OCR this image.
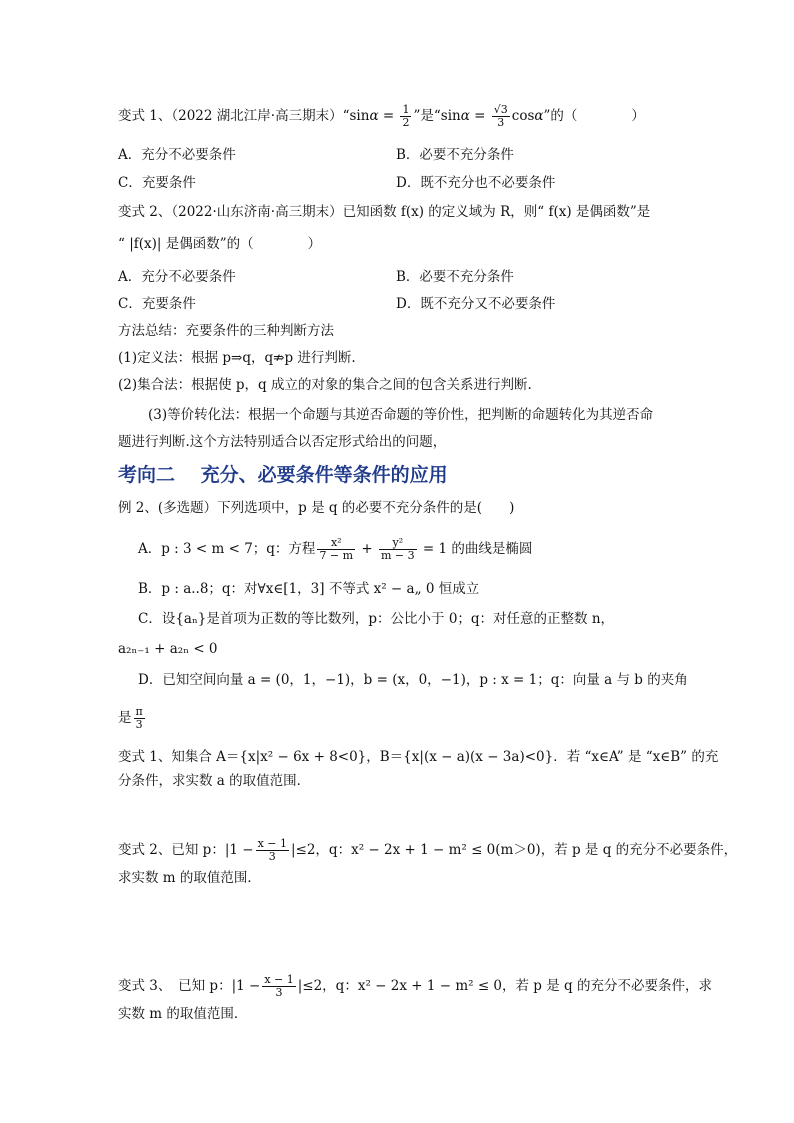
变式 1、（2022 湖北江岸·高三期末）“sinα = $\frac{1}{2}$ ”是“$\sin\alpha = \frac{√3}{3} \cos\alpha$”的（　　　　）
A．充分不必要条件	B．必要不充分条件
C．充要条件	D．既不充分也不必要条件
变式 2、（2022·山东济南·高三期末）已知函数 f(x) 的定义域为 R，则“ f(x) 是偶函数”是
“ |f(x)| 是偶函数”的（　　　　）
A．充分不必要条件	B．必要不充分条件
C．充要条件	D．既不充分又不必要条件
方法总结：充要条件的三种判断方法
(1)定义法：根据 p⇒q，q⇏p 进行判断.
(2)集合法：根据使 p，q 成立的对象的集合之间的包含关系进行判断.
(3)等价转化法：根据一个命题与其逆否命题的等价性，把判断的命题转化为其逆否命
题进行判断.这个方法特别适合以否定形式给出的问题，
考向二　 充分、必要条件等条件的应用
例 2、(多选题）下列选项中，p 是 q 的必要不充分条件的是(　　)
A．p : 3 < m < 7；q：方程 $\frac{\text{x²}}{7 - m} + \frac{\text{y²}}{m - 3} = 1$ 的曲线是椭圆
B．p : a..8；q：对∀x∈[1，3] 不等式 x² − a„ 0 恒成立
C．设{aₙ}是首项为正数的等比数列，p：公比小于 0；q：对任意的正整数 n，
a₂ₙ₋₁ + a₂ₙ < 0
D．已知空间向量 a = (0，1，−1)，b = (x，0，−1)，p : x = 1；q：向量 a 与 b 的夹角
是 $\frac{\pi}{3}$
变式 1、知集合 A＝{x|x² − 6x + 8<0}，B＝{x|(x − a)(x − 3a)<0}．若 “x∈A” 是 “x∈B” 的充
分条件，求实数 a 的取值范围．
变式 2、已知 p：$|1 - \frac{x - 1}{3} |\le 2$，q：x² − 2x + 1 − m² ≤ 0(m＞0)，若 p 是 q 的充分不必要条件，
求实数 m 的取值范围．
变式 3、　已知 p：$|1 - \frac{x - 1}{3} |\le 2$，q：x² − 2x + 1 − m² ≤ 0，若 p 是 q 的充分不必要条件，求
实数 m 的取值范围．
